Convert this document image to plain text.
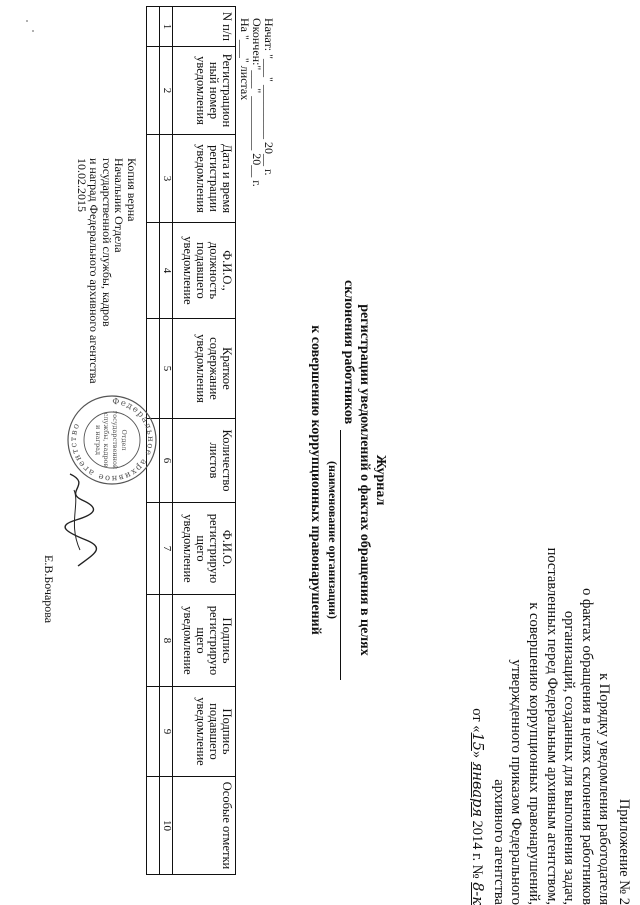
Приложение № 2
к Порядку уведомления работодателя
о фактах обращения в целях склонения работников
организаций, созданных для выполнения задач,
поставленных перед Федеральным архивным агентством,
к совершению коррупционных правонарушений,
утвержденного приказом Федерального
архивного агентства
от «15» января 2014 г. № 8-к
Журнал
регистрации уведомлений о фактах обращения в целях
склонения работников
(наименование организации)
к совершению коррупционных правонарушений
Начат: "___" _________ 20__ г.
Окончен:"___" _________ 20__ г.
На "___" листах
N п/п	Регистрацион ный номер уведомления	Дата и время регистрации уведомления	Ф.И.О., должность подавшего уведомление	Краткое содержание уведомления	Количество листов	Ф.И.О. регистрирую щего уведомление	Подпись регистрирую щего уведомление	Подпись подавшего уведомление	Особые отметки
1	2	3	4	5	6	7	8	9	10

Копия верна
Начальник Отдела
государственной службы, кадров
и наград Федерального архивного агентства
10.02.2015
Е.В.Бочарова
Федеральное архивное агентство
Отдел
государственной
службы, кадров
и наград
